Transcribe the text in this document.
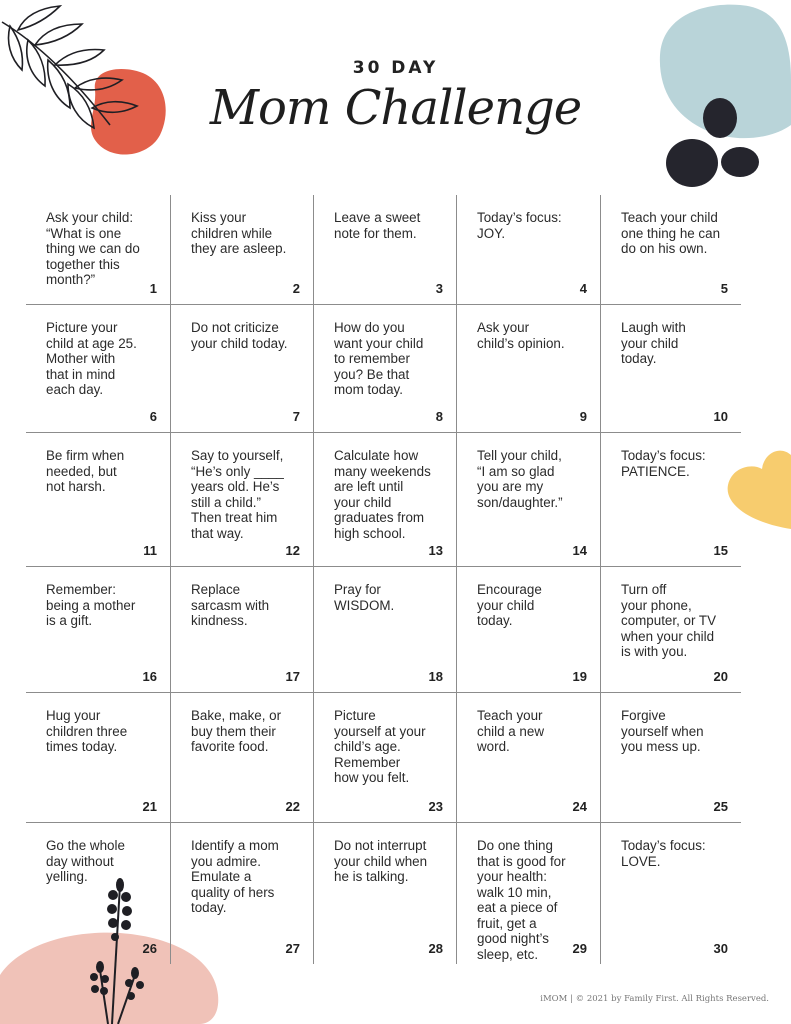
30 DAY
Mom Challenge
Ask your child:
“What is one
thing we can do
together this
month?”
1
Kiss your
children while
they are asleep.
2
Leave a sweet
note for them.
3
Today’s focus:
JOY.
4
Teach your child
one thing he can
do on his own.
5
Picture your
child at age 25.
Mother with
that in mind
each day.
6
Do not criticize
your child today.
7
How do you
want your child
to remember
you? Be that
mom today.
8
Ask your
child’s opinion.
9
Laugh with
your child
today.
10
Be firm when
needed, but
not harsh.
11
Say to yourself,
“He’s only ____
years old. He’s
still a child.”
Then treat him
that way.
12
Calculate how
many weekends
are left until
your child
graduates from
high school.
13
Tell your child,
“I am so glad
you are my
son/daughter.”
14
Today’s focus:
PATIENCE.
15
Remember:
being a mother
is a gift.
16
Replace
sarcasm with
kindness.
17
Pray for
WISDOM.
18
Encourage
your child
today.
19
Turn off
your phone,
computer, or TV
when your child
is with you.
20
Hug your
children three
times today.
21
Bake, make, or
buy them their
favorite food.
22
Picture
yourself at your
child’s age.
Remember
how you felt.
23
Teach your
child a new
word.
24
Forgive
yourself when
you mess up.
25
Go the whole
day without
yelling.
26
Identify a mom
you admire.
Emulate a
quality of hers
today.
27
Do not interrupt
your child when
he is talking.
28
Do one thing
that is good for
your health:
walk 10 min,
eat a piece of
fruit, get a
good night’s
sleep, etc.	29
Today’s focus:
LOVE.
30
iMOM | © 2021 by Family First. All Rights Reserved.
